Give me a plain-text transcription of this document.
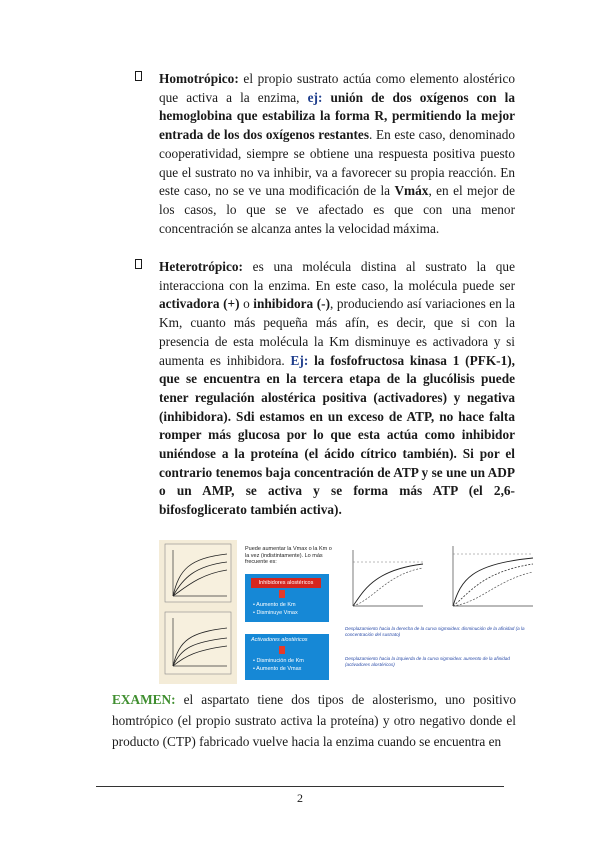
Homotrópico: el propio sustrato actúa como elemento alostérico que activa a la enzima, ej: unión de dos oxígenos con la hemoglobina que estabiliza la forma R, permitiendo la mejor entrada de los dos oxígenos restantes. En este caso, denominado cooperatividad, siempre se obtiene una respuesta positiva puesto que el sustrato no va inhibir, va a favorecer su propia reacción. En este caso, no se ve una modificación de la Vmáx, en el mejor de los casos, lo que se ve afectado es que con una menor concentración se alcanza antes la velocidad máxima.

Heterotrópico: es una molécula distina al sustrato la que interacciona con la enzima. En este caso, la molécula puede ser activadora (+) o inhibidora (-), produciendo así variaciones en la Km, cuanto más pequeña más afín, es decir, que si con la presencia de esta molécula la Km disminuye es activadora y si aumenta es inhibidora. Ej: la fosfofructosa kinasa 1 (PFK-1), que se encuentra en la tercera etapa de la glucólisis puede tener regulación alostérica positiva (activadores) y negativa (inhibidora). Sdi estamos en un exceso de ATP, no hace falta romper más glucosa por lo que esta actúa como inhibidor uniéndose a la proteína (el ácido cítrico también). Si por el contrario tenemos baja concentración de ATP y se une un ADP o un AMP, se activa y se forma más ATP (el 2,6-bifosfoglicerato también activa).

Puede aumentar la Vmax o la Km o la vez (indistintamente). Lo más frecuente es:
Inhibidores alostéricos
• Aumento de Km
• Disminuye Vmax
Activadores alostéricos
• Disminución de Km
• Aumento de Vmax
Desplazamiento hacia la derecha de la curva sigmoidea: disminución de la afinidad (a la concentración del sustrato)
Desplazamiento hacia la izquierda de la curva sigmoidea: aumento de la afinidad (activadores alostéricos)

EXAMEN: el aspartato tiene dos tipos de alosterismo, uno positivo homtrópico (el propio sustrato activa la proteína) y otro negativo donde el producto (CTP) fabricado vuelve hacia la enzima cuando se encuentra en

2
